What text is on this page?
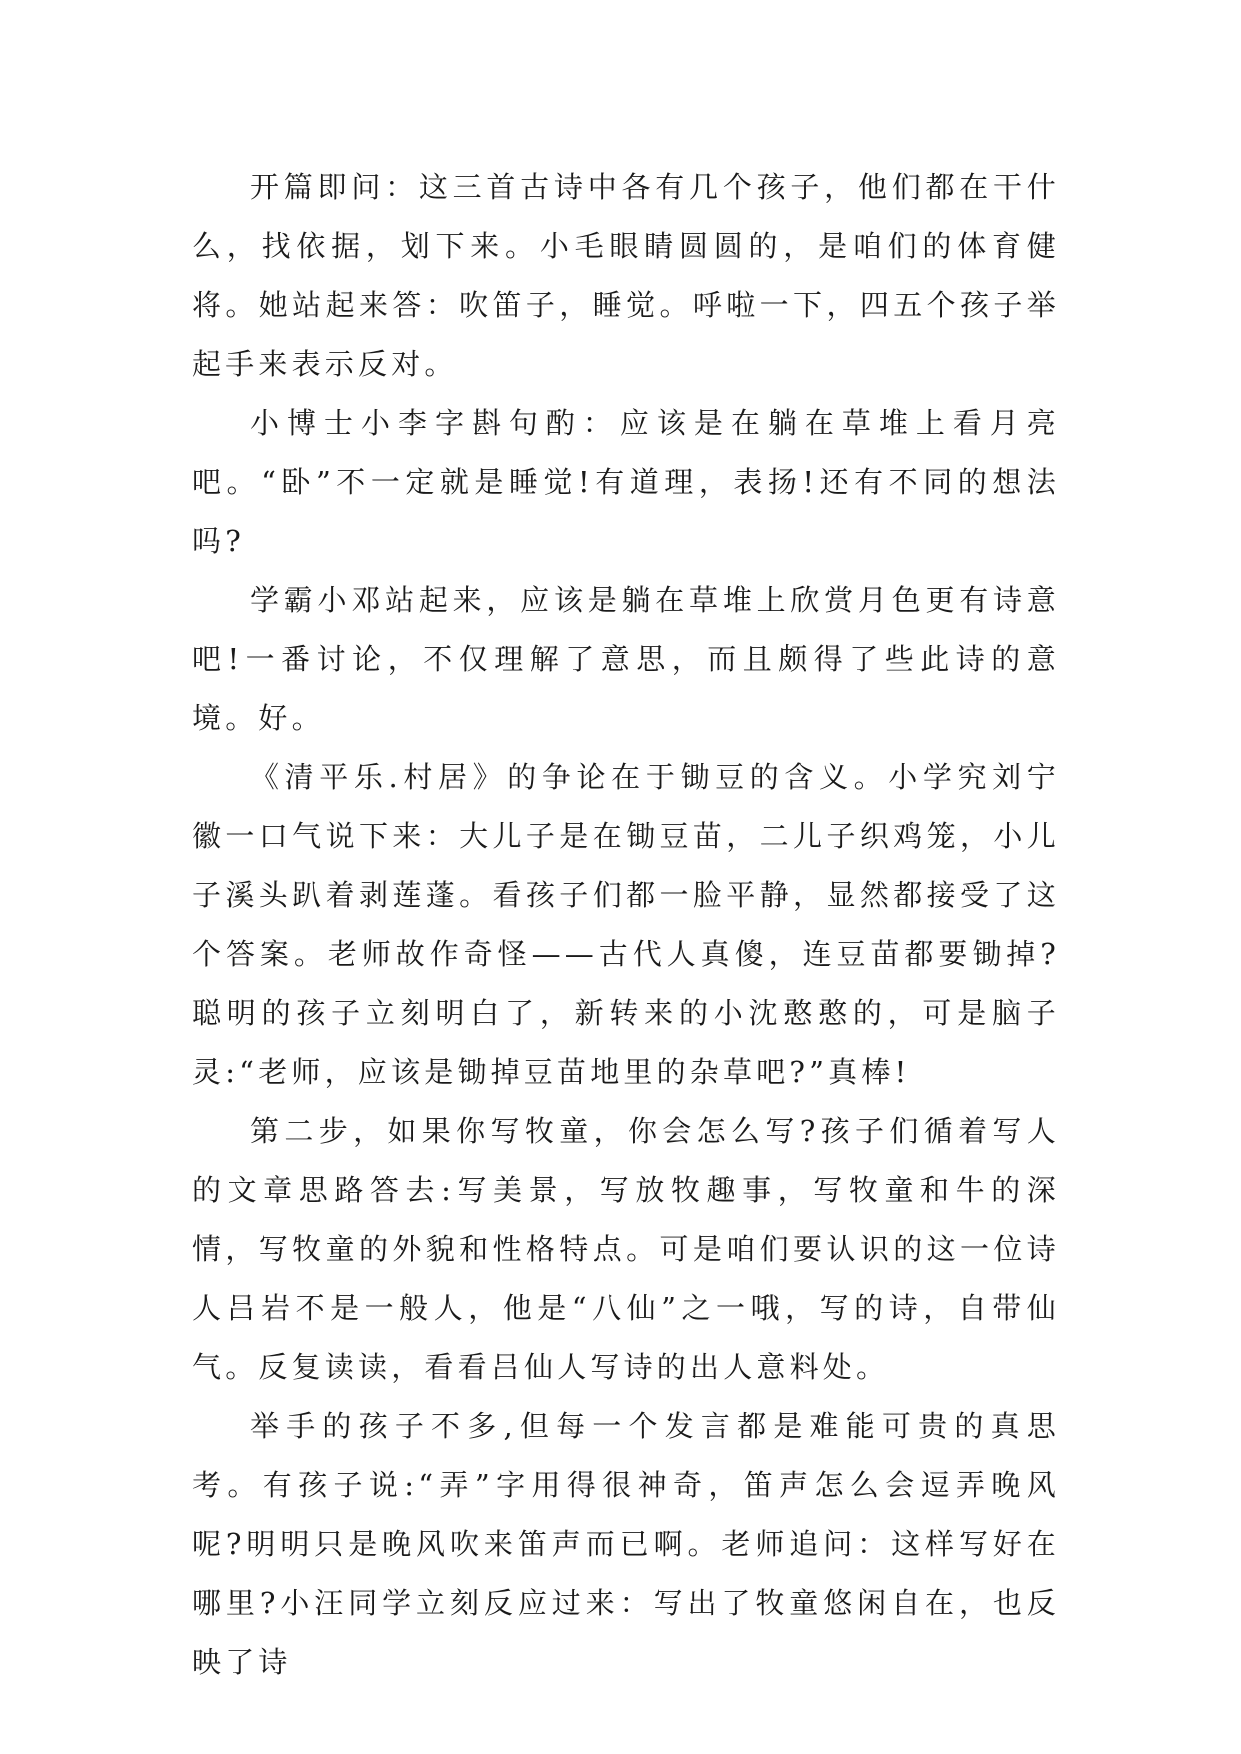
开篇即问：这三首古诗中各有几个孩子，他们都在干什么，找依据，划下来。小毛眼睛圆圆的，是咱们的体育健将。她站起来答：吹笛子，睡觉。呼啦一下，四五个孩子举起手来表示反对。

小博士小李字斟句酌：应该是在躺在草堆上看月亮吧。“卧”不一定就是睡觉!有道理，表扬!还有不同的想法吗?

学霸小邓站起来，应该是躺在草堆上欣赏月色更有诗意吧!一番讨论，不仅理解了意思，而且颇得了些此诗的意境。好。

《清平乐.村居》的争论在于锄豆的含义。小学究刘宁徽一口气说下来：大儿子是在锄豆苗，二儿子织鸡笼，小儿子溪头趴着剥莲蓬。看孩子们都一脸平静，显然都接受了这个答案。老师故作奇怪——古代人真傻，连豆苗都要锄掉?聪明的孩子立刻明白了，新转来的小沈憨憨的，可是脑子灵:“老师，应该是锄掉豆苗地里的杂草吧?”真棒!

第二步，如果你写牧童，你会怎么写?孩子们循着写人的文章思路答去:写美景，写放牧趣事，写牧童和牛的深情，写牧童的外貌和性格特点。可是咱们要认识的这一位诗人吕岩不是一般人，他是“八仙”之一哦，写的诗，自带仙气。反复读读，看看吕仙人写诗的出人意料处。

举手的孩子不多,但每一个发言都是难能可贵的真思考。有孩子说:“弄”字用得很神奇，笛声怎么会逗弄晚风呢?明明只是晚风吹来笛声而已啊。老师追问：这样写好在哪里?小汪同学立刻反应过来：写出了牧童悠闲自在，也反映了诗
